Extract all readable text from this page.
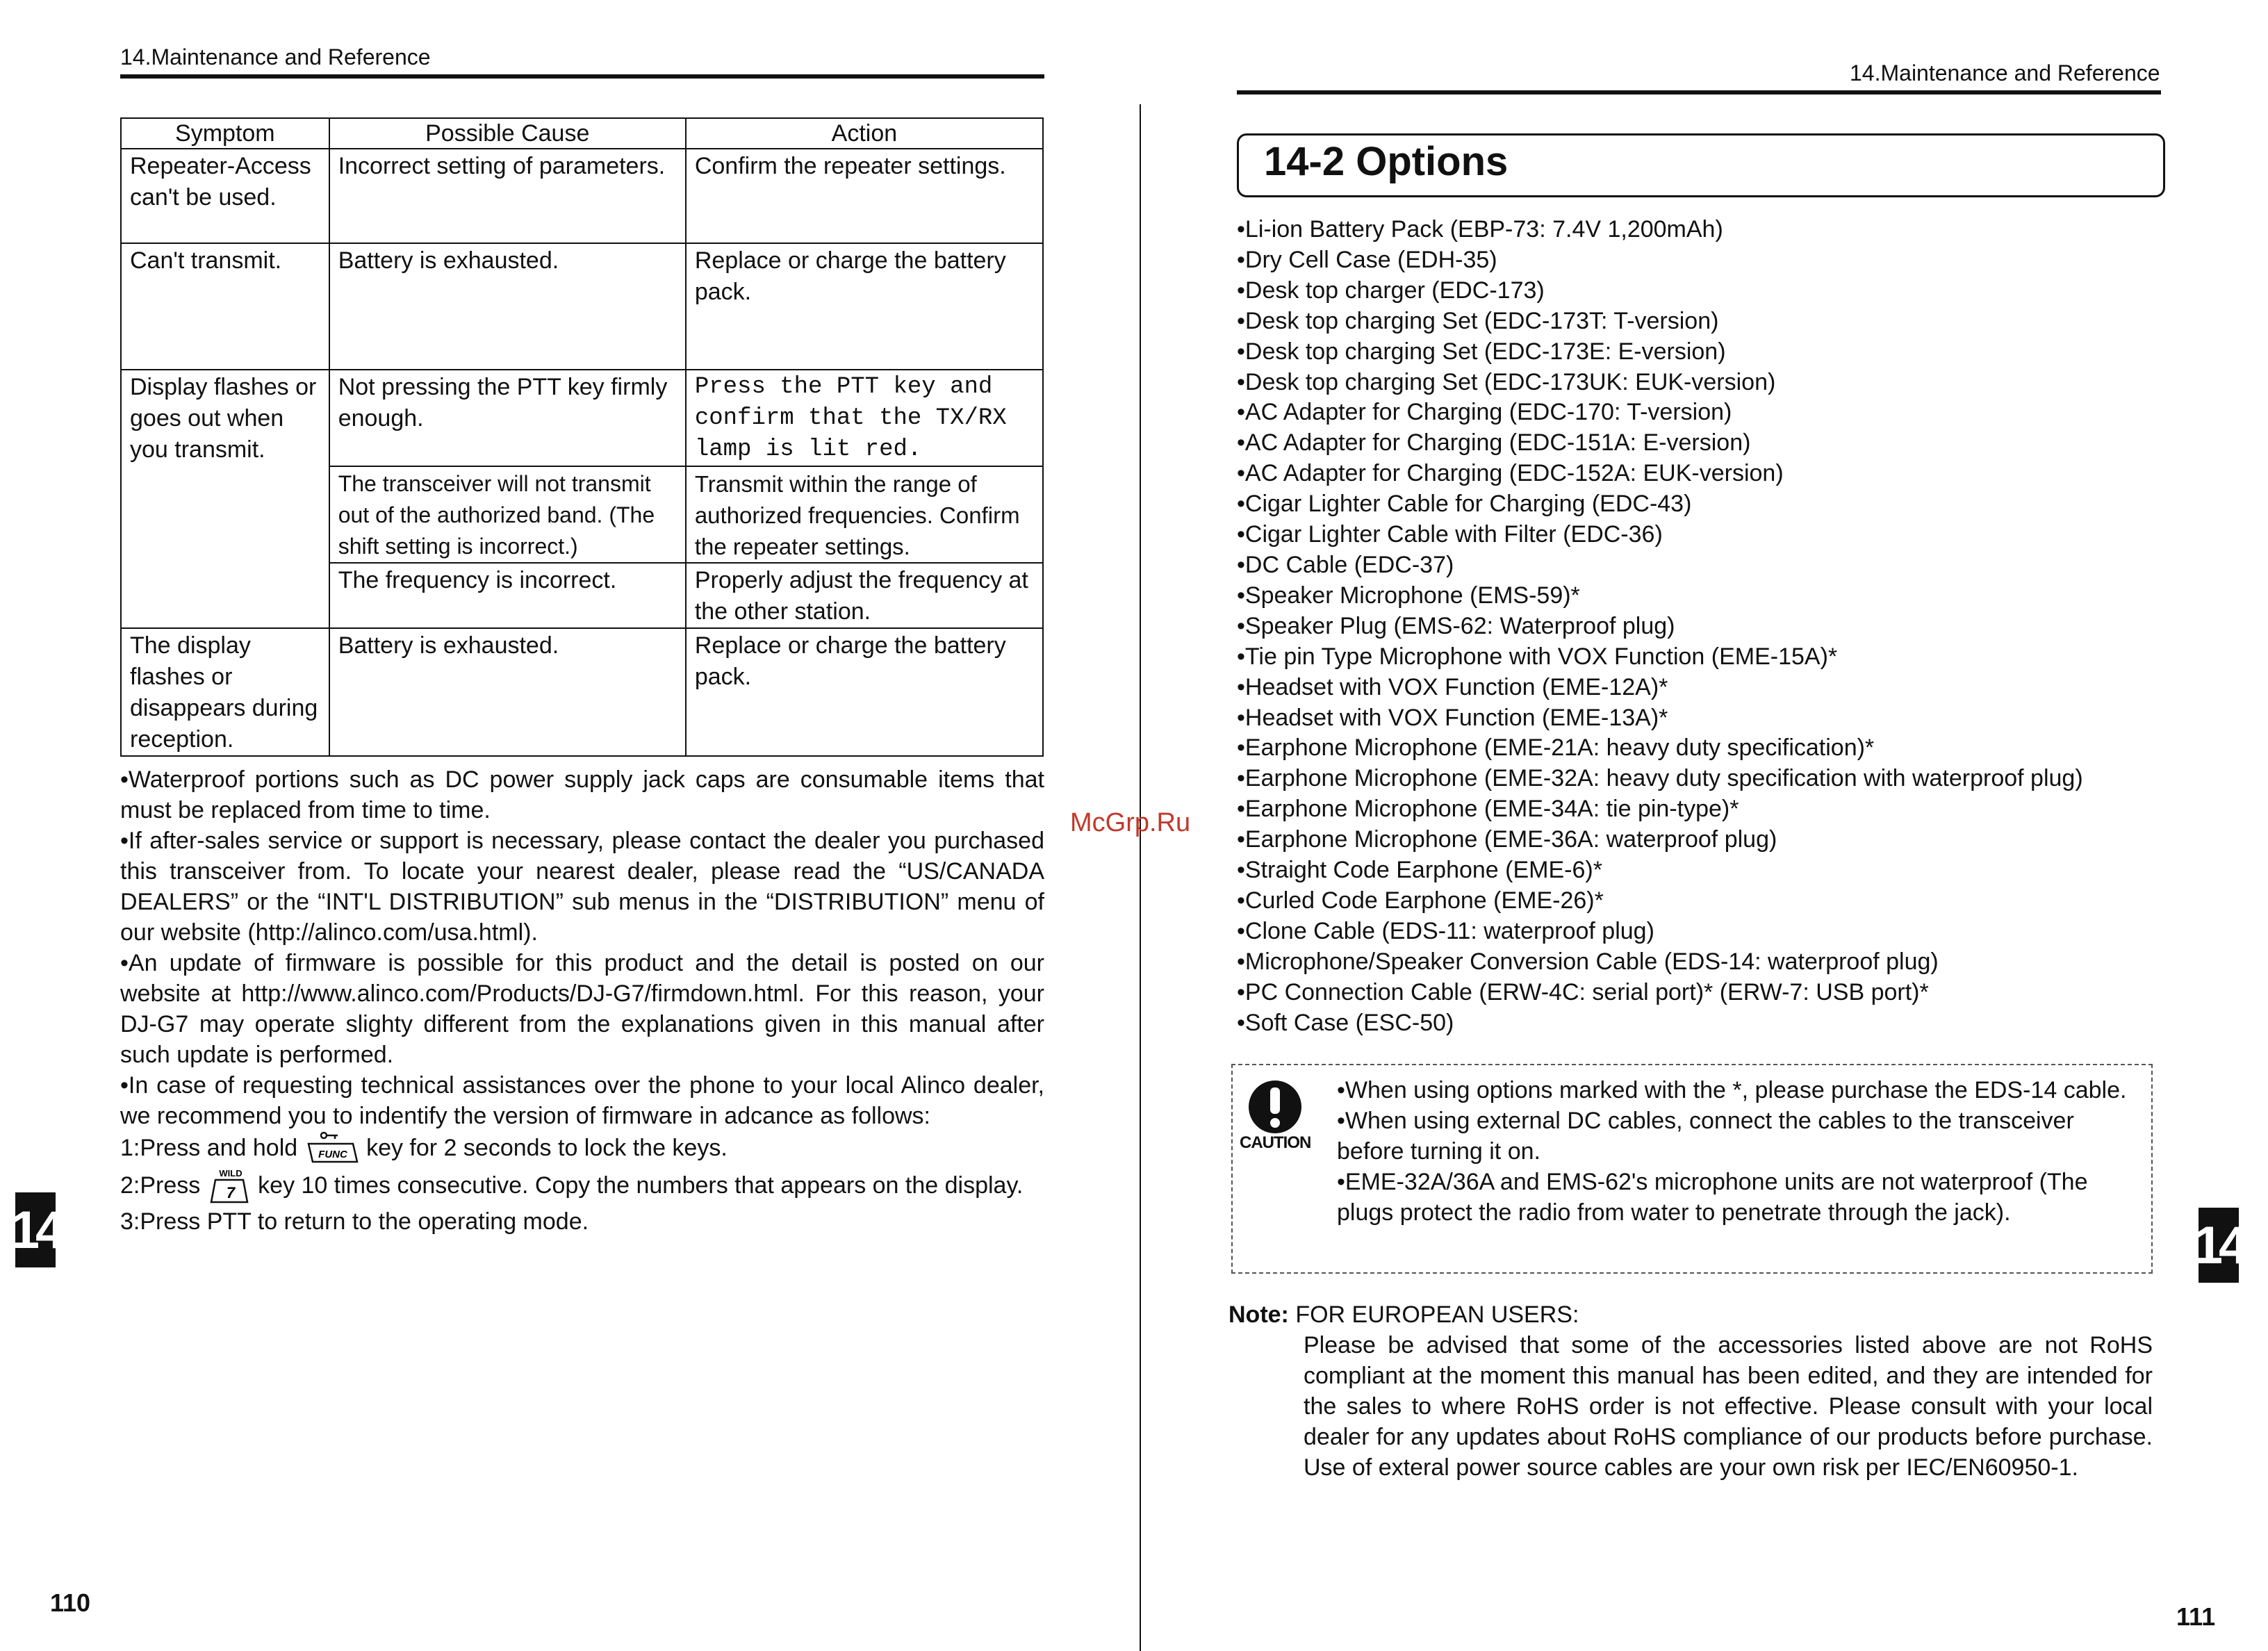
14.Maintenance and Reference
Symptom	Possible Cause	Action
Repeater-Access can't be used.	Incorrect setting of parameters.	Confirm the repeater settings.
Can't transmit.	Battery is exhausted.	Replace or charge the battery pack.
Display flashes or goes out when you transmit.	Not pressing the PTT key firmly enough.	Press the PTT key and confirm that the TX/RX lamp is lit red.
	The transceiver will not transmit out of the authorized band. (The shift setting is incorrect.)	Transmit within the range of authorized frequencies. Confirm the repeater settings.
	The frequency is incorrect.	Properly adjust the frequency at the other station.
The display flashes or disappears during reception.	Battery is exhausted.	Replace or charge the battery pack.

•Waterproof portions such as DC power supply jack caps are consumable items that must be replaced from time to time.

•If after-sales service or support is necessary, please contact the dealer you purchased this transceiver from. To locate your nearest dealer, please read the “US/CANADA DEALERS” or the “INT'L DISTRIBUTION” sub menus in the “DISTRIBUTION” menu of our website (http://alinco.com/usa.html).

•An update of firmware is possible for this product and the detail is posted on our website at http://www.alinco.com/Products/DJ-G7/firmdown.html. For this reason, your DJ-G7 may operate slighty different from the explanations given in this manual after such update is performed.

•In case of requesting technical assistances over the phone to your local Alinco dealer, we recommend you to indentify the version of firmware in adcance as follows:

1:Press and hold FUNC key for 2 seconds to lock the keys.

2:Press WILD
7 key 10 times consecutive. Copy the numbers that appears on the display.

3:Press PTT to return to the operating mode.

14
110
McGrp.Ru
14.Maintenance and Reference
14-2 Options
•Li-ion Battery Pack (EBP-73: 7.4V 1,200mAh)
•Dry Cell Case (EDH-35)
•Desk top charger (EDC-173)
•Desk top charging Set (EDC-173T: T-version)
•Desk top charging Set (EDC-173E: E-version)
•Desk top charging Set (EDC-173UK: EUK-version)
•AC Adapter for Charging (EDC-170: T-version)
•AC Adapter for Charging (EDC-151A: E-version)
•AC Adapter for Charging (EDC-152A: EUK-version)
•Cigar Lighter Cable for Charging (EDC-43)
•Cigar Lighter Cable with Filter (EDC-36)
•DC Cable (EDC-37)
•Speaker Microphone (EMS-59)*
•Speaker Plug (EMS-62: Waterproof plug)
•Tie pin Type Microphone with VOX Function (EME-15A)*
•Headset with VOX Function (EME-12A)*
•Headset with VOX Function (EME-13A)*
•Earphone Microphone (EME-21A: heavy duty specification)*
•Earphone Microphone (EME-32A: heavy duty specification with waterproof plug)
•Earphone Microphone (EME-34A: tie pin-type)*
•Earphone Microphone (EME-36A: waterproof plug)
•Straight Code Earphone (EME-6)*
•Curled Code Earphone (EME-26)*
•Clone Cable (EDS-11: waterproof plug)
•Microphone/Speaker Conversion Cable (EDS-14: waterproof plug)
•PC Connection Cable (ERW-4C: serial port)* (ERW-7: USB port)*
•Soft Case (ESC-50)
CAUTION
•When using options marked with the *, please purchase the EDS-14 cable.
•When using external DC cables, connect the cables to the transceiver before turning it on.
•EME-32A/36A and EMS-62's microphone units are not waterproof (The plugs protect the radio from water to penetrate through the jack).
Note: FOR EUROPEAN USERS:
Please be advised that some of the accessories listed above are not RoHS compliant at the moment this manual has been edited, and they are intended for the sales to where RoHS order is not effective. Please consult with your local dealer for any updates about RoHS compliance of our products before purchase. Use of exteral power source cables are your own risk per IEC/EN60950-1.
14
111
